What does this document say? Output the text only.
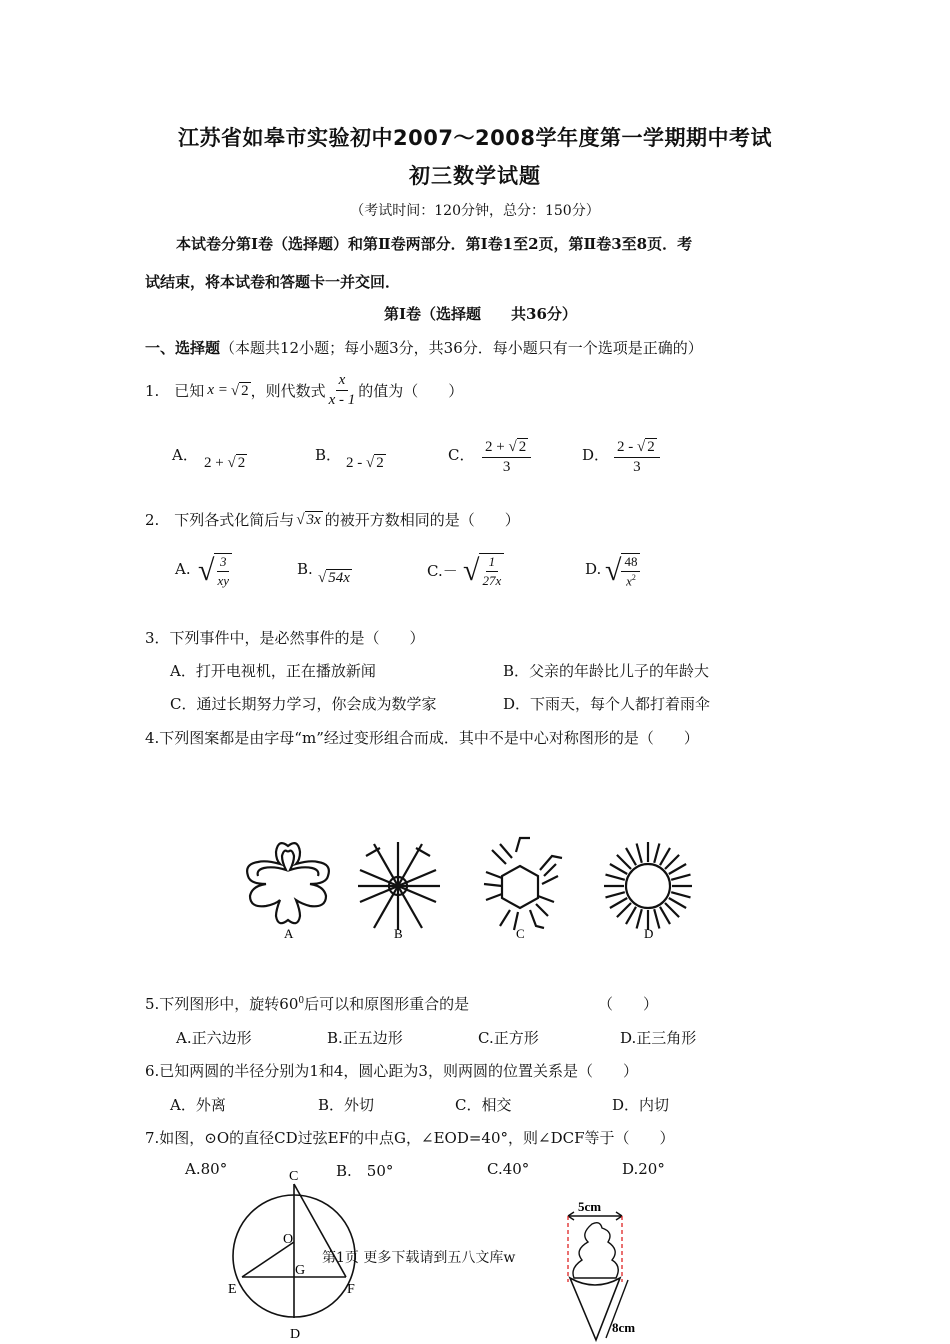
江苏省如皋市实验初中2007～2008学年度第一学期期中考试
初三数学试题
（考试时间：120分钟，总分：150分）
本试卷分第Ⅰ卷（选择题）和第Ⅱ卷两部分．第Ⅰ卷1至2页，第Ⅱ卷3至8页．考
试结束，将本试卷和答题卡一并交回．
第Ⅰ卷（选择题　　共36分）
一、选择题（本题共12小题；每小题3分，共36分．每小题只有一个选项是正确的）
1.　已知 x = √ 2 ，则代数式 $\frac{x}{x - 1}$ 的值为（　　）
A． 2 + √ 2	B． 2 - √ 2	C． $\frac{2 + √ 2}{3}$	D． $\frac{2 - √ 2}{3}$
2.　下列各式化简后与 √ 3x 的被开方数相同的是（　　）
A. √ $\frac{3}{xy}$	B. √ 54x	C.－ √ $\frac{1}{27x}$	D. √ $\frac{48}{x^2}$
3．下列事件中，是必然事件的是（　　）
A．打开电视机，正在播放新闻	B．父亲的年龄比儿子的年龄大
C．通过长期努力学习，你会成为数学家	D．下雨天，每个人都打着雨伞
4.下列图案都是由字母“m”经过变形组合而成．其中不是中心对称图形的是（　　）
A	B	C	D
5.下列图形中，旋转$60^0$后可以和原图形重合的是	（　　）
A.正六边形	B.正五边形	C.正方形	D.正三角形
6.已知两圆的半径分别为1和4，圆心距为3，则两圆的位置关系是（　　）
A．外离	B．外切	C．相交	D．内切
7.如图，⊙O的直径CD过弦EF的中点G，∠EOD=40°，则∠DCF等于（　　）
A.80°	B.　50°	C.40°	D.20°
C
O
G
E	F
D
第1页 更多下载请到五八文库w
5cm
8cm
